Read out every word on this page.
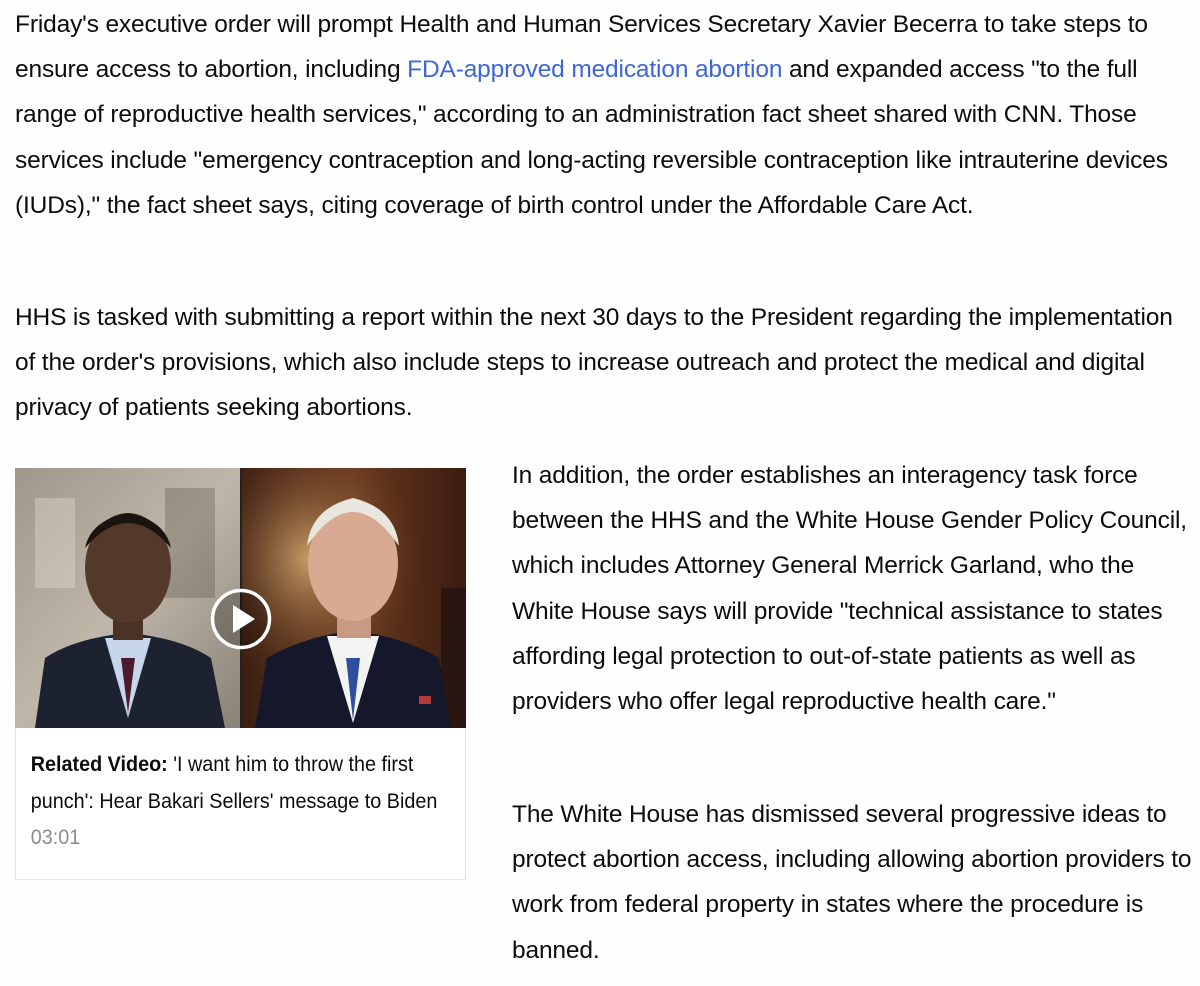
Friday's executive order will prompt Health and Human Services Secretary Xavier Becerra to take steps to ensure access to abortion, including FDA-approved medication abortion and expanded access "to the full range of reproductive health services," according to an administration fact sheet shared with CNN. Those services include "emergency contraception and long-acting reversible contraception like intrauterine devices (IUDs)," the fact sheet says, citing coverage of birth control under the Affordable Care Act.

HHS is tasked with submitting a report within the next 30 days to the President regarding the implementation of the order's provisions, which also include steps to increase outreach and protect the medical and digital privacy of patients seeking abortions.

Related Video: 'I want him to throw the first punch': Hear Bakari Sellers' message to Biden 03:01

In addition, the order establishes an interagency task force between the HHS and the White House Gender Policy Council, which includes Attorney General Merrick Garland, who the White House says will provide "technical assistance to states affording legal protection to out-of-state patients as well as providers who offer legal reproductive health care."

The White House has dismissed several progressive ideas to protect abortion access, including allowing abortion providers to work from federal property in states where the procedure is banned.
